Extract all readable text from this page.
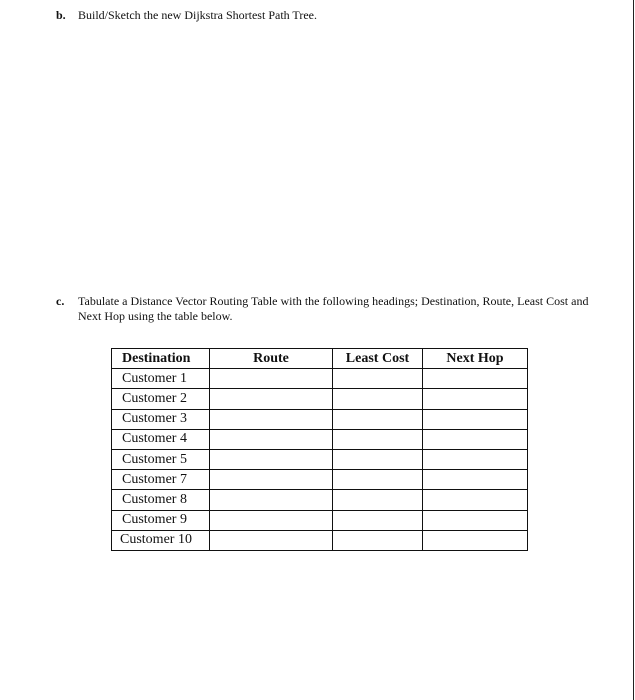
b. Build/Sketch the new Dijkstra Shortest Path Tree.
c. Tabulate a Distance Vector Routing Table with the following headings; Destination, Route, Least Cost and Next Hop using the table below.
Destination	Route	Least Cost	Next Hop
Customer 1			
Customer 2			
Customer 3			
Customer 4			
Customer 5			
Customer 7			
Customer 8			
Customer 9			
Customer 10			
